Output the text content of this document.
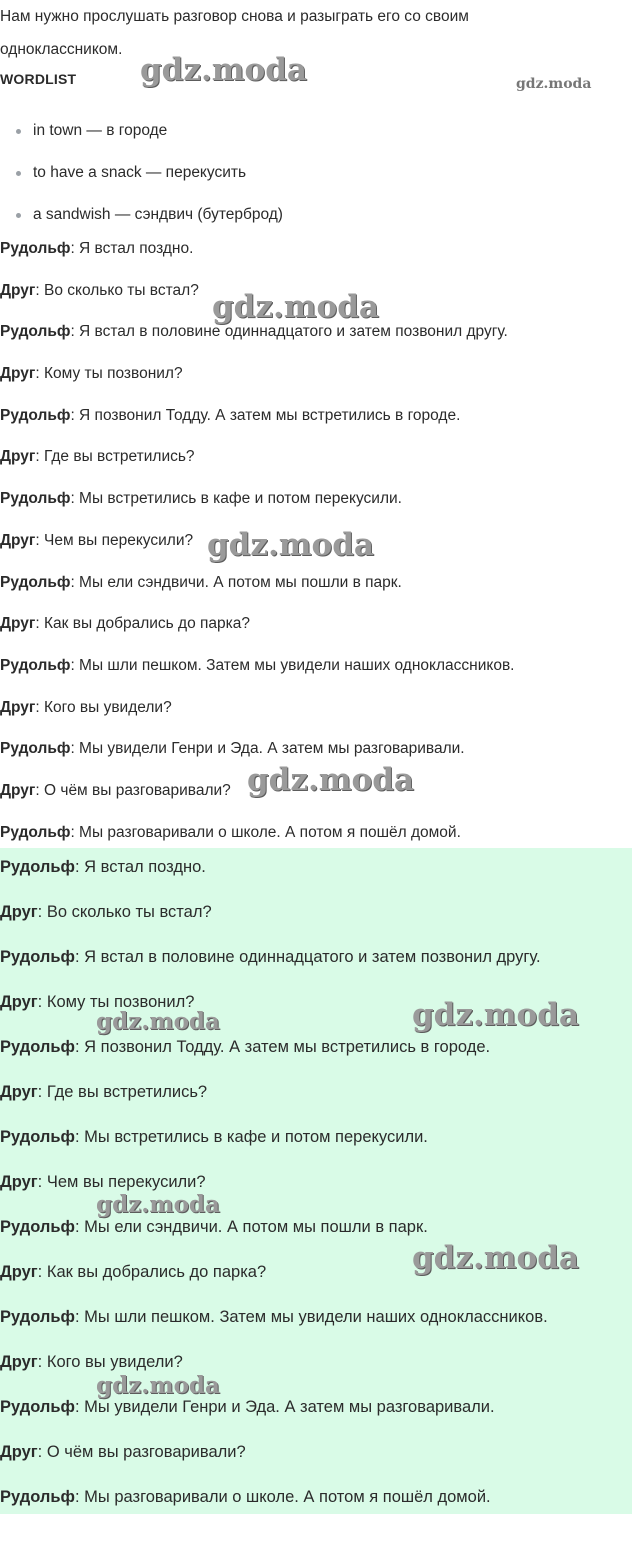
Нам нужно прослушать разговор снова и разыграть его со своим
одноклассником.
WORDLIST
in town — в городе
to have a snack — перекусить
a sandwish — сэндвич (бутерброд)
Рудольф: Я встал поздно.
Друг: Во сколько ты встал?
Рудольф: Я встал в половине одиннадцатого и затем позвонил другу.
Друг: Кому ты позвонил?
Рудольф: Я позвонил Тодду. А затем мы встретились в городе.
Друг: Где вы встретились?
Рудольф: Мы встретились в кафе и потом перекусили.
Друг: Чем вы перекусили?
Рудольф: Мы ели сэндвичи. А потом мы пошли в парк.
Друг: Как вы добрались до парка?
Рудольф: Мы шли пешком. Затем мы увидели наших одноклассников.
Друг: Кого вы увидели?
Рудольф: Мы увидели Генри и Эда. А затем мы разговаривали.
Друг: О чём вы разговаривали?
Рудольф: Мы разговаривали о школе. А потом я пошёл домой.
Рудольф: Я встал поздно.
Друг: Во сколько ты встал?
Рудольф: Я встал в половине одиннадцатого и затем позвонил другу.
Друг: Кому ты позвонил?
Рудольф: Я позвонил Тодду. А затем мы встретились в городе.
Друг: Где вы встретились?
Рудольф: Мы встретились в кафе и потом перекусили.
Друг: Чем вы перекусили?
Рудольф: Мы ели сэндвичи. А потом мы пошли в парк.
Друг: Как вы добрались до парка?
Рудольф: Мы шли пешком. Затем мы увидели наших одноклассников.
Друг: Кого вы увидели?
Рудольф: Мы увидели Генри и Эда. А затем мы разговаривали.
Друг: О чём вы разговаривали?
Рудольф: Мы разговаривали о школе. А потом я пошёл домой.
gdz.moda	gdz.moda
gdz.moda
gdz.moda
gdz.moda
gdz.moda	gdz.moda
gdz.moda
gdz.moda
gdz.moda
